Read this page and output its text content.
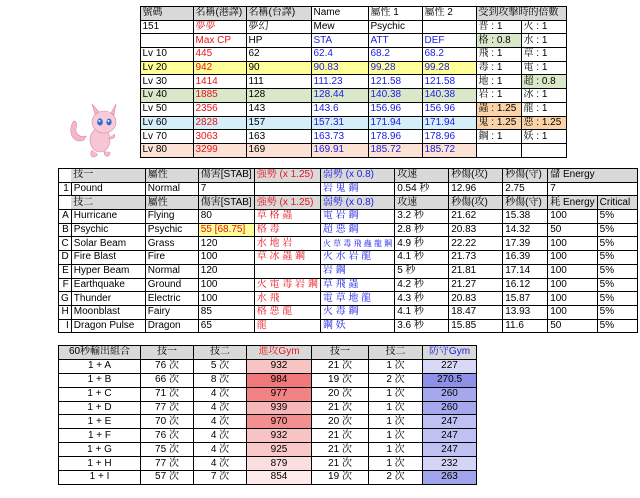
	號碼	名稱(港譯)	名稱(台譯)	Name	屬性 1	屬性 2	受到攻擊時的倍數	
	151	夢夢	夢幻	Mew	Psychic		普 : 1	火 : 1
		Max CP	HP	STA	ATT	DEF	格 : 0.8	水 : 1
	Lv 10	445	62	62.4	68.2	68.2	飛 : 1	草 : 1
	Lv 20	942	90	90.83	99.28	99.28	毒 : 1	電 : 1
	Lv 30	1414	111	111.23	121.58	121.58	地 : 1	超 : 0.8
	Lv 40	1885	128	128.44	140.38	140.38	岩 : 1	冰 : 1
	Lv 50	2356	143	143.6	156.96	156.96	蟲 : 1.25	龍 : 1
	Lv 60	2828	157	157.31	171.94	171.94	鬼 : 1.25	惡 : 1.25
	Lv 70	3063	163	163.73	178.96	178.96	鋼 : 1	妖 : 1
	Lv 80	3299	169	169.91	185.72	185.72		
	技一	屬性	傷害[STAB]	強勢 (x 1.25)	弱勢 (x 0.8)	攻速	秒傷(攻)	秒傷(守)	儲 Energy	
1	Pound	Normal	7		岩 鬼 鋼	0.54 秒	12.96	2.75	7	
	技二	屬性	傷害[STAB]	強勢 (x 1.25)	弱勢 (x 0.8)	攻速	秒傷(攻)	秒傷(守)	耗 Energy	Critical
A	Hurricane	Flying	80	草 格 蟲	電 岩 鋼	3.2 秒	21.62	15.38	100	5%
B	Psychic	Psychic	55 [68.75]	格 毒	超 惡 鋼	2.8 秒	20.83	14.32	50	5%
C	Solar Beam	Grass	120	水 地 岩	火 草 毒 飛 蟲 龍 鋼	4.9 秒	22.22	17.39	100	5%
D	Fire Blast	Fire	100	草 冰 蟲 鋼	火 水 岩 龍	4.1 秒	21.73	16.39	100	5%
E	Hyper Beam	Normal	120		岩 鋼	5 秒	21.81	17.14	100	5%
F	Earthquake	Ground	100	火 電 毒 岩 鋼	草 飛 蟲	4.2 秒	21.27	16.12	100	5%
G	Thunder	Electric	100	水 飛	電 草 地 龍	4.3 秒	20.83	15.87	100	5%
H	Moonblast	Fairy	85	格 惡 龍	火 毒 鋼	4.1 秒	18.47	13.93	100	5%
I	Dragon Pulse	Dragon	65	龍	鋼 妖	3.6 秒	15.85	11.6	50	5%
60秒輸出組合	技一	技二	進攻Gym	技一	技二	防守Gym
1 + A	76 次	5 次	932	21 次	1 次	227
1 + B	66 次	8 次	984	19 次	2 次	270.5
1 + C	71 次	4 次	977	20 次	1 次	260
1 + D	77 次	4 次	939	21 次	1 次	260
1 + E	70 次	4 次	970	20 次	1 次	247
1 + F	76 次	4 次	932	21 次	1 次	247
1 + G	75 次	4 次	925	21 次	1 次	247
1 + H	77 次	4 次	879	21 次	1 次	232
1 + I	57 次	7 次	854	19 次	2 次	263
